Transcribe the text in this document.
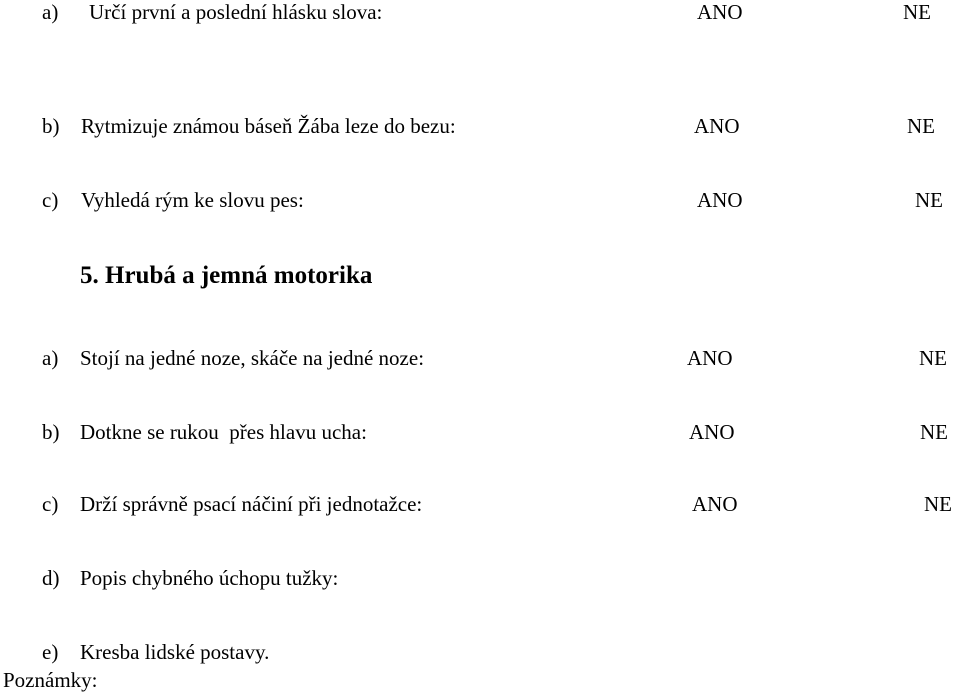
a) Určí první a poslední hlásku slova:	ANO	NE
b) Rytmizuje známou báseň Žába leze do bezu:	ANO	NE
c) Vyhledá rým ke slovu pes:	ANO	NE
5. Hrubá a jemná motorika
a) Stojí na jedné noze, skáče na jedné noze:	ANO	NE
b) Dotkne se rukou  přes hlavu ucha:	ANO	NE
c) Drží správně psací náčiní při jednotažce:	ANO	NE
d) Popis chybného úchopu tužky:
e) Kresba lidské postavy.
Poznámky:
